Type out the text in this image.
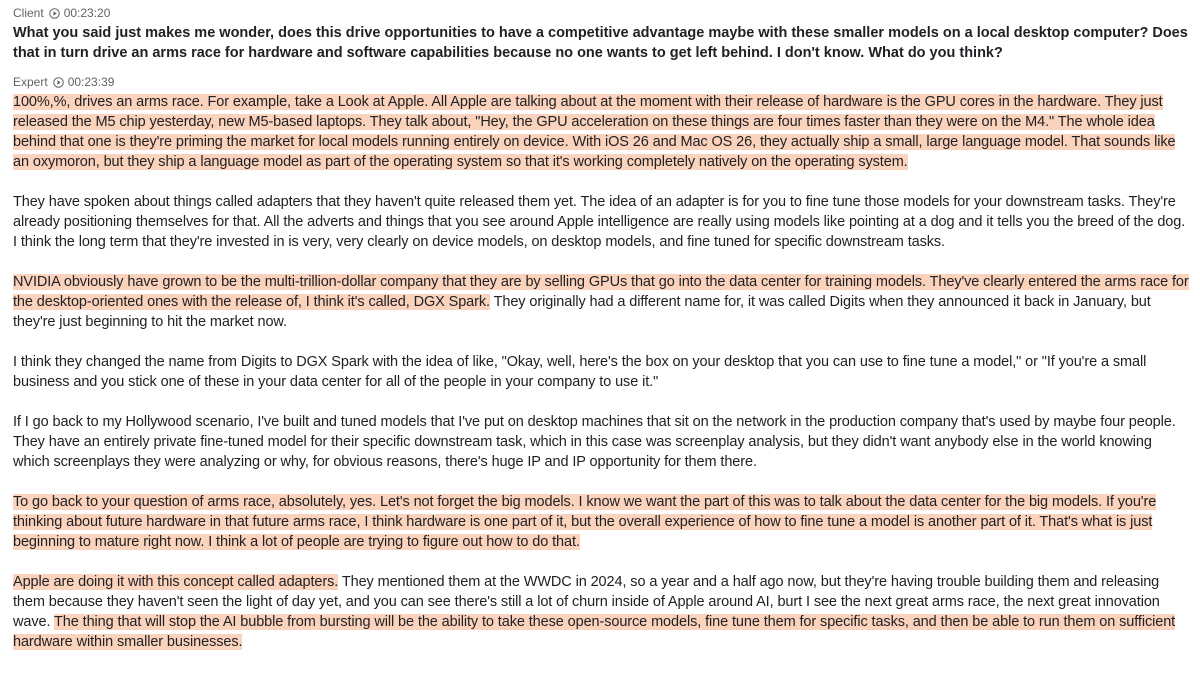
Client 00:23:20
What you said just makes me wonder, does this drive opportunities to have a competitive advantage maybe with these smaller models on a local desktop computer? Does that in turn drive an arms race for hardware and software capabilities because no one wants to get left behind. I don't know. What do you think?
Expert 00:23:39

100%,%, drives an arms race. For example, take a Look at Apple. All Apple are talking about at the moment with their release of hardware is the GPU cores in the hardware. They just released the M5 chip yesterday, new M5-based laptops. They talk about, "Hey, the GPU acceleration on these things are four times faster than they were on the M4." The whole idea behind that one is they're priming the market for local models running entirely on device. With iOS 26 and Mac OS 26, they actually ship a small, large language model. That sounds like an oxymoron, but they ship a language model as part of the operating system so that it's working completely natively on the operating system.

They have spoken about things called adapters that they haven't quite released them yet. The idea of an adapter is for you to fine tune those models for your downstream tasks. They're already positioning themselves for that. All the adverts and things that you see around Apple intelligence are really using models like pointing at a dog and it tells you the breed of the dog. I think the long term that they're invested in is very, very clearly on device models, on desktop models, and fine tuned for specific downstream tasks.

NVIDIA obviously have grown to be the multi-trillion-dollar company that they are by selling GPUs that go into the data center for training models. They've clearly entered the arms race for the desktop-oriented ones with the release of, I think it's called, DGX Spark. They originally had a different name for, it was called Digits when they announced it back in January, but they're just beginning to hit the market now.

I think they changed the name from Digits to DGX Spark with the idea of like, "Okay, well, here's the box on your desktop that you can use to fine tune a model," or "If you're a small business and you stick one of these in your data center for all of the people in your company to use it."

If I go back to my Hollywood scenario, I've built and tuned models that I've put on desktop machines that sit on the network in the production company that's used by maybe four people. They have an entirely private fine-tuned model for their specific downstream task, which in this case was screenplay analysis, but they didn't want anybody else in the world knowing which screenplays they were analyzing or why, for obvious reasons, there's huge IP and IP opportunity for them there.

To go back to your question of arms race, absolutely, yes. Let's not forget the big models. I know we want the part of this was to talk about the data center for the big models. If you're thinking about future hardware in that future arms race, I think hardware is one part of it, but the overall experience of how to fine tune a model is another part of it. That's what is just beginning to mature right now. I think a lot of people are trying to figure out how to do that.

Apple are doing it with this concept called adapters. They mentioned them at the WWDC in 2024, so a year and a half ago now, but they're having trouble building them and releasing them because they haven't seen the light of day yet, and you can see there's still a lot of churn inside of Apple around AI, burt I see the next great arms race, the next great innovation wave. The thing that will stop the AI bubble from bursting will be the ability to take these open-source models, fine tune them for specific tasks, and then be able to run them on sufficient hardware within smaller businesses.
